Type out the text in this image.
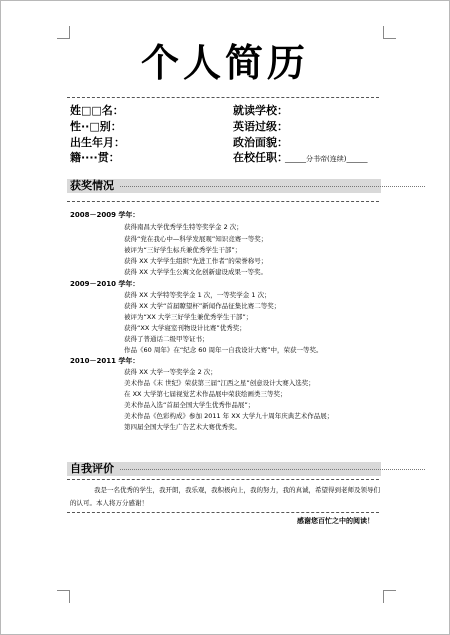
个人简历
姓□□名：
性··□别：
出生年月：
籍····贯：
就读学校：
英语过级：
政治面貌：
在校任职：
______分书帝(连续)______
获奖情况
2008－2009 学年：
获得南昌大学优秀学生特等奖学金 2 次；
获得“党在我心中—科学发展观”知识竞赛一等奖；
被评为“三好学生标兵兼优秀学生干部”；
获得 XX 大学学生组织“先进工作者”的荣誉称号；
获得 XX 大学学生公寓文化创新建设成果一等奖。
2009－2010 学年：
获得 XX 大学特等奖学金 1 次，一等奖学金 1 次；
获得 XX 大学“首届瞭望杯”新闻作品征集比赛二等奖；
被评为“XX 大学三好学生兼优秀学生干部”；
获得“XX 大学寝室刊物设计比赛”优秀奖；
获得了普通话二级甲等证书；
作品《60 周年》在“纪念 60 周年一自我设计大赛”中，荣获一等奖。
2010－2011 学年：
获得 XX 大学一等奖学金 2 次；
美术作品《末 世纪》荣获第三届“江西之星”创意设计大赛入选奖；
在 XX 大学第七届视觉艺术作品展中荣获绘画类三等奖；
美术作品入选“首届全国大学生优秀作品展”；
美术作品《色彩构成》参加 2011 年 XX 大学九十周年庆典艺术作品展；
第四届全国大学生广告艺术大赛优秀奖。
自我评价
我是一名优秀的学生，我开朗，我乐观，我积极向上，我的努力，我的真诚，希望得到老师及领导们的认可。本人将万分感谢！
感谢您百忙之中的阅读！
